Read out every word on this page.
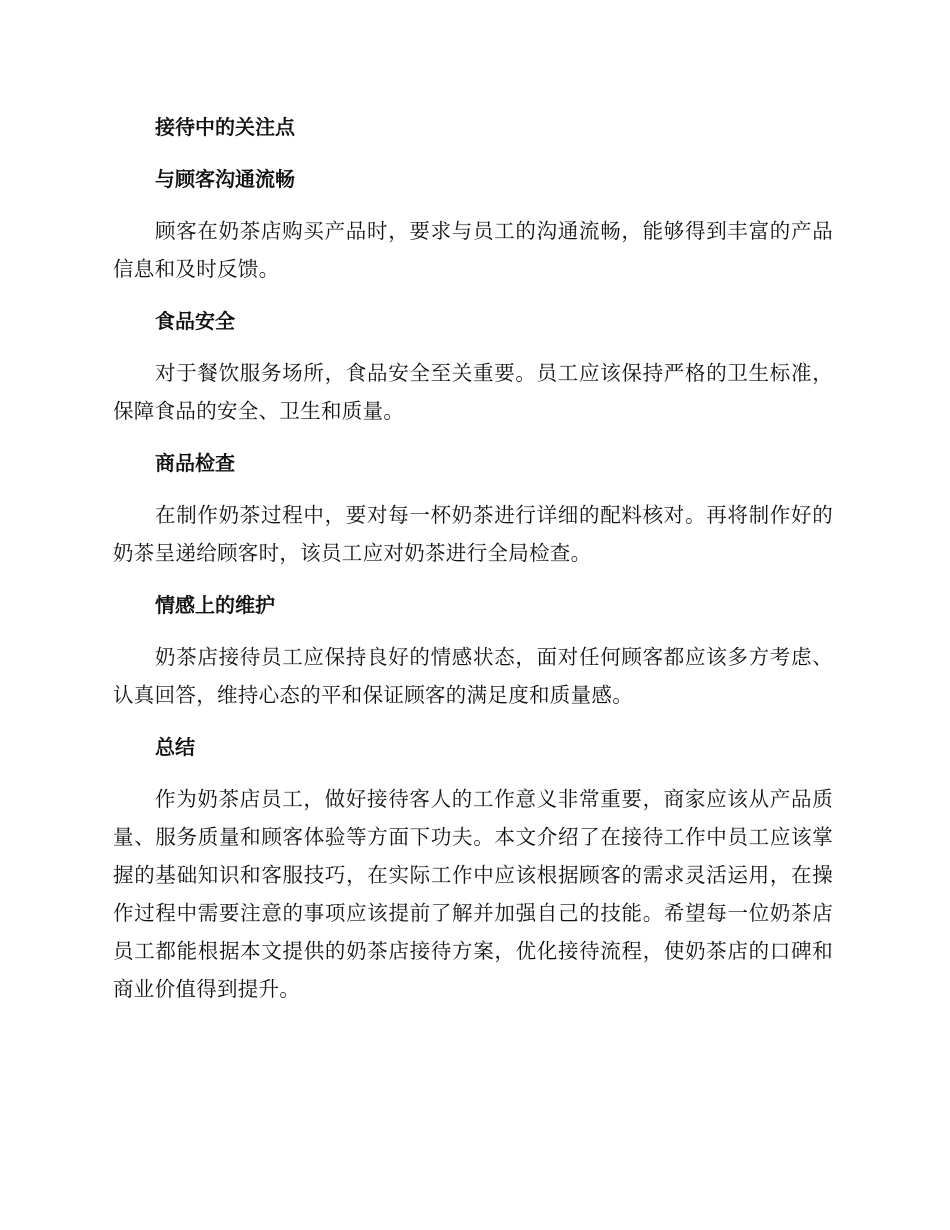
接待中的关注点
与顾客沟通流畅
顾客在奶茶店购买产品时，要求与员工的沟通流畅，能够得到丰富的产品信息和及时反馈。
食品安全
对于餐饮服务场所，食品安全至关重要。员工应该保持严格的卫生标准，保障食品的安全、卫生和质量。
商品检查
在制作奶茶过程中，要对每一杯奶茶进行详细的配料核对。再将制作好的奶茶呈递给顾客时，该员工应对奶茶进行全局检查。
情感上的维护
奶茶店接待员工应保持良好的情感状态，面对任何顾客都应该多方考虑、认真回答，维持心态的平和保证顾客的满足度和质量感。
总结
作为奶茶店员工，做好接待客人的工作意义非常重要，商家应该从产品质量、服务质量和顾客体验等方面下功夫。本文介绍了在接待工作中员工应该掌握的基础知识和客服技巧，在实际工作中应该根据顾客的需求灵活运用，在操作过程中需要注意的事项应该提前了解并加强自己的技能。希望每一位奶茶店员工都能根据本文提供的奶茶店接待方案，优化接待流程，使奶茶店的口碑和商业价值得到提升。
